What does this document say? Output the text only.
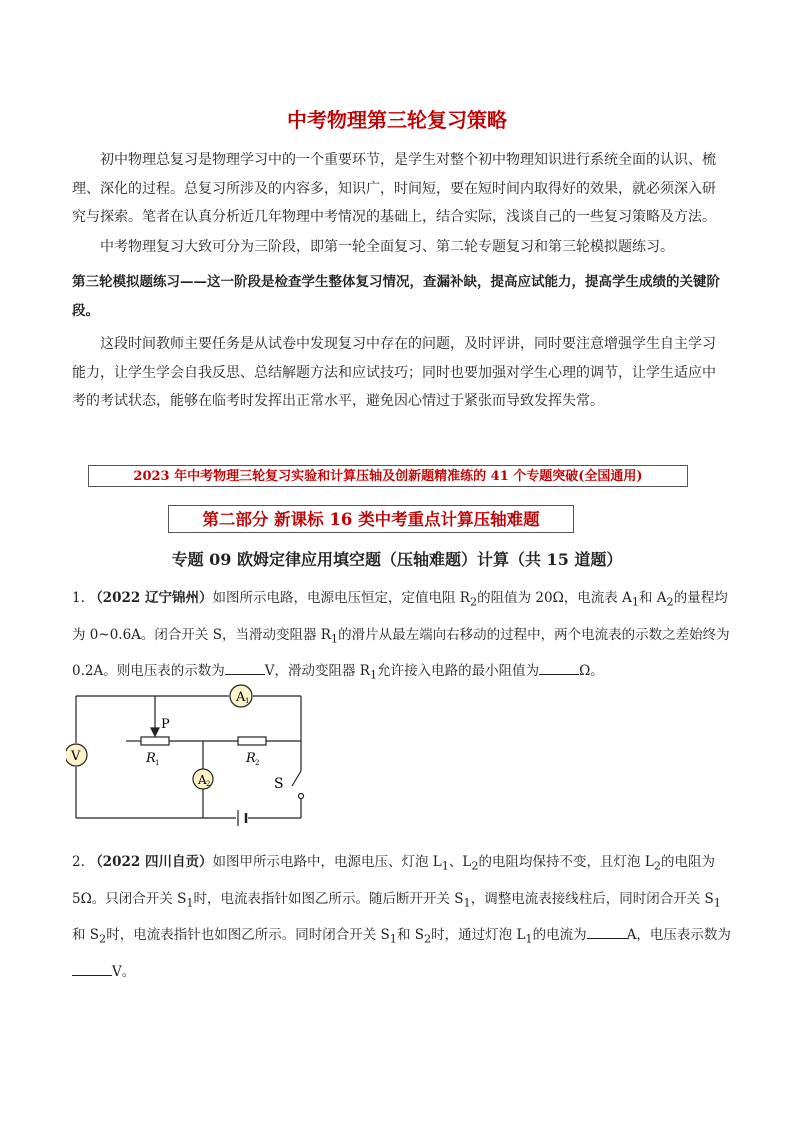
中考物理第三轮复习策略

初中物理总复习是物理学习中的一个重要环节，是学生对整个初中物理知识进行系统全面的认识、梳理、深化的过程。总复习所涉及的内容多，知识广，时间短，要在短时间内取得好的效果，就必须深入研究与探索。笔者在认真分析近几年物理中考情况的基础上，结合实际，浅谈自己的一些复习策略及方法。

中考物理复习大致可分为三阶段，即第一轮全面复习、第二轮专题复习和第三轮模拟题练习。

第三轮模拟题练习——这一阶段是检查学生整体复习情况，查漏补缺，提高应试能力，提高学生成绩的关键阶段。

这段时间教师主要任务是从试卷中发现复习中存在的问题，及时评讲，同时要注意增强学生自主学习能力，让学生学会自我反思、总结解题方法和应试技巧；同时也要加强对学生心理的调节，让学生适应中考的考试状态，能够在临考时发挥出正常水平，避免因心情过于紧张而导致发挥失常。

2023 年中考物理三轮复习实验和计算压轴及创新题精准练的 41 个专题突破(全国通用)
第二部分 新课标 16 类中考重点计算压轴难题
专题 09 欧姆定律应用填空题（压轴难题）计算（共 15 道题）

1. （2022 辽宁锦州）如图所示电路，电源电压恒定，定值电阻 $R_2$的阻值为 20Ω，电流表 $A_1$和 $A_2$的量程均为 0~0.6A。闭合开关 S，当滑动变阻器 $R_1$的滑片从最左端向右移动的过程中，两个电流表的示数之差始终为 0.2A。则电压表的示数为	V，滑动变阻器 $R_1$允许接入电路的最小阻值为	Ω。

A 1
V
A 2
P
R 1	R 2
S

2. （2022 四川自贡）如图甲所示电路中，电源电压、灯泡 $L_1$、$L_2$的电阻均保持不变，且灯泡 $L_2$的电阻为 5Ω。只闭合开关 $S_1$时，电流表指针如图乙所示。随后断开开关 $S_1$，调整电流表接线柱后，同时闭合开关 $S_1$和 $S_2$时，电流表指针也如图乙所示。同时闭合开关 $S_1$和 $S_2$时，通过灯泡 $L_1$的电流为	A，电压表示数为V。
